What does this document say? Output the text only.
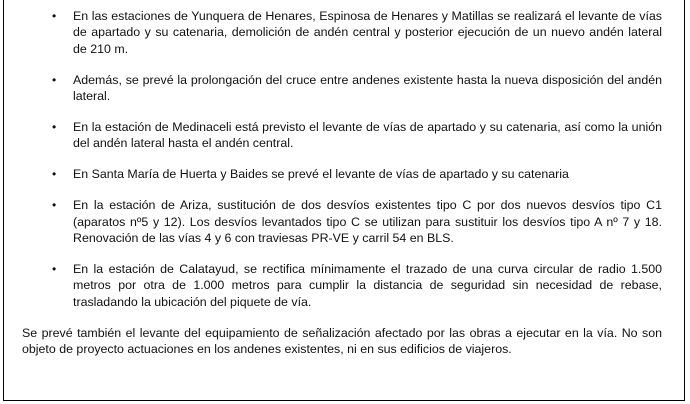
• En las estaciones de Yunquera de Henares, Espinosa de Henares y Matillas se realizará el levante de vías de apartado y su catenaria, demolición de andén central y posterior ejecución de un nuevo andén lateral de 210 m.
• Además, se prevé la prolongación del cruce entre andenes existente hasta la nueva disposición del andén lateral.
• En la estación de Medinaceli está previsto el levante de vías de apartado y su catenaria, así como la unión del andén lateral hasta el andén central.
• En Santa María de Huerta y Baides se prevé el levante de vías de apartado y su catenaria
• En la estación de Ariza, sustitución de dos desvíos existentes tipo C por dos nuevos desvíos tipo C1 (aparatos nº5 y 12). Los desvíos levantados tipo C se utilizan para sustituir los desvíos tipo A nº 7 y 18. Renovación de las vías 4 y 6 con traviesas PR-VE y carril 54 en BLS.
• En la estación de Calatayud, se rectifica mínimamente el trazado de una curva circular de radio 1.500 metros por otra de 1.000 metros para cumplir la distancia de seguridad sin necesidad de rebase, trasladando la ubicación del piquete de vía.
Se prevé también el levante del equipamiento de señalización afectado por las obras a ejecutar en la vía. No son objeto de proyecto actuaciones en los andenes existentes, ni en sus edificios de viajeros.
